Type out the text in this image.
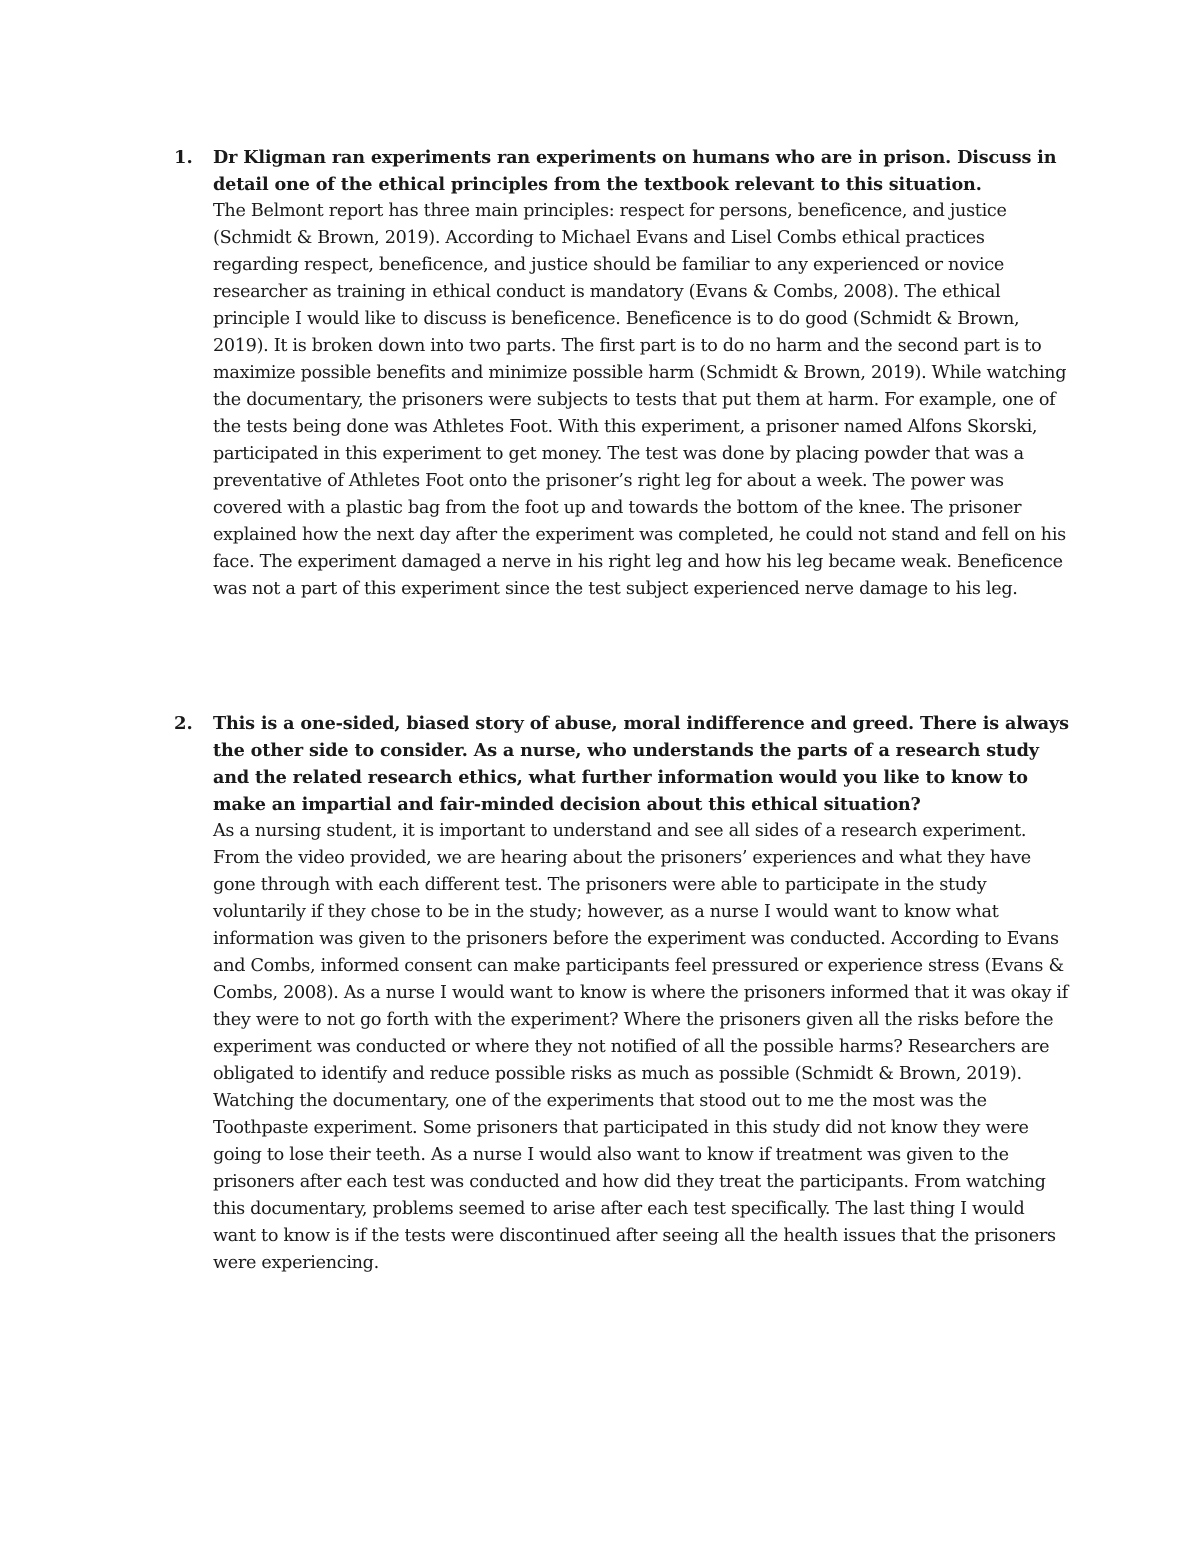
1. Dr Kligman ran experiments ran experiments on humans who are in prison. Discuss in detail one of the ethical principles from the textbook relevant to this situation.

The Belmont report has three main principles: respect for persons, beneficence, and justice (Schmidt & Brown, 2019). According to Michael Evans and Lisel Combs ethical practices regarding respect, beneficence, and justice should be familiar to any experienced or novice researcher as training in ethical conduct is mandatory (Evans & Combs, 2008). The ethical principle I would like to discuss is beneficence. Beneficence is to do good (Schmidt & Brown, 2019). It is broken down into two parts. The first part is to do no harm and the second part is to maximize possible benefits and minimize possible harm (Schmidt & Brown, 2019). While watching the documentary, the prisoners were subjects to tests that put them at harm. For example, one of the tests being done was Athletes Foot. With this experiment, a prisoner named Alfons Skorski, participated in this experiment to get money. The test was done by placing powder that was a preventative of Athletes Foot onto the prisoner’s right leg for about a week. The power was covered with a plastic bag from the foot up and towards the bottom of the knee. The prisoner explained how the next day after the experiment was completed, he could not stand and fell on his face. The experiment damaged a nerve in his right leg and how his leg became weak. Beneficence was not a part of this experiment since the test subject experienced nerve damage to his leg.

2. This is a one-sided, biased story of abuse, moral indifference and greed. There is always the other side to consider. As a nurse, who understands the parts of a research study and the related research ethics, what further information would you like to know to make an impartial and fair-minded decision about this ethical situation?

As a nursing student, it is important to understand and see all sides of a research experiment. From the video provided, we are hearing about the prisoners’ experiences and what they have gone through with each different test. The prisoners were able to participate in the study voluntarily if they chose to be in the study; however, as a nurse I would want to know what information was given to the prisoners before the experiment was conducted. According to Evans and Combs, informed consent can make participants feel pressured or experience stress (Evans & Combs, 2008). As a nurse I would want to know is where the prisoners informed that it was okay if they were to not go forth with the experiment? Where the prisoners given all the risks before the experiment was conducted or where they not notified of all the possible harms? Researchers are obligated to identify and reduce possible risks as much as possible (Schmidt & Brown, 2019). Watching the documentary, one of the experiments that stood out to me the most was the Toothpaste experiment. Some prisoners that participated in this study did not know they were going to lose their teeth. As a nurse I would also want to know if treatment was given to the prisoners after each test was conducted and how did they treat the participants. From watching this documentary, problems seemed to arise after each test specifically. The last thing I would want to know is if the tests were discontinued after seeing all the health issues that the prisoners were experiencing.
